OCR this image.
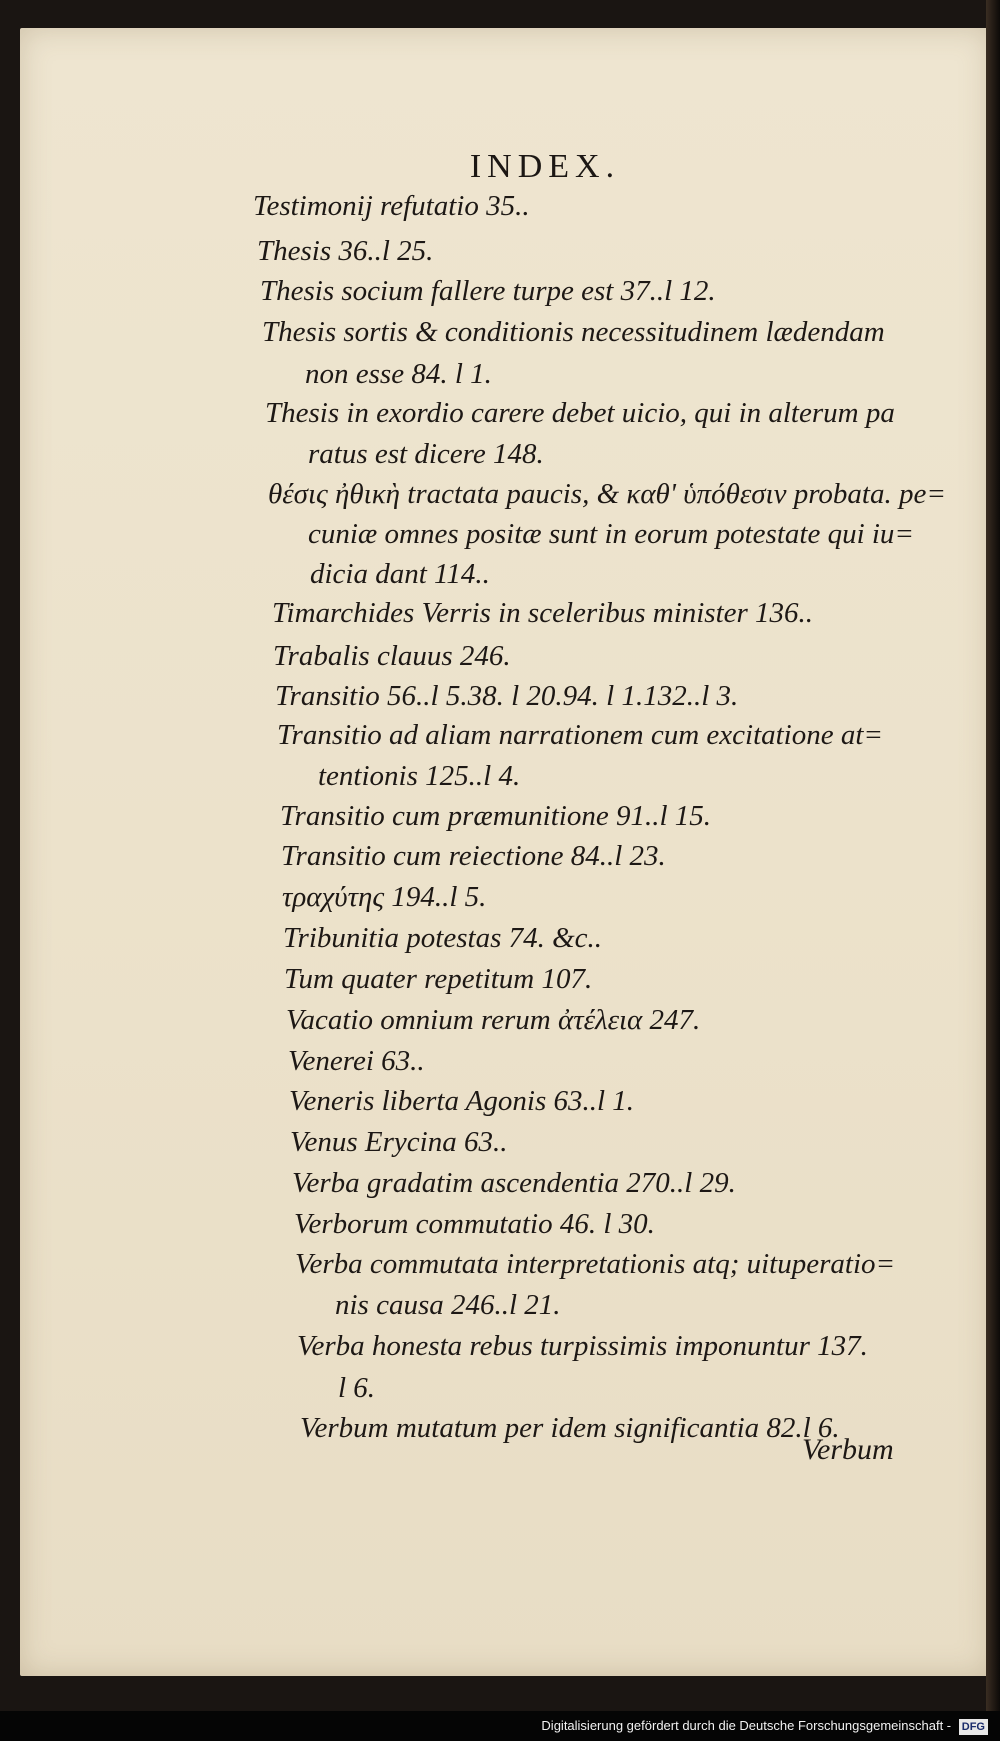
INDEX.
Testimonij refutatio 35..
Thesis 36..l 25.
Thesis socium fallere turpe est 37..l 12.
Thesis sortis & conditionis necessitudinem lædendam
non esse 84. l 1.
Thesis in exordio carere debet uicio, qui in alterum pa
ratus est dicere 148.
θέσις ἠθικὴ tractata paucis, & καθ' ὑπόθεσιν probata. pe=
cuniæ omnes positæ sunt in eorum potestate qui iu=
dicia dant 114..
Timarchides Verris in sceleribus minister 136..
Trabalis clauus 246.
Transitio 56..l 5.38. l 20.94. l 1.132..l 3.
Transitio ad aliam narrationem cum excitatione at=
tentionis 125..l 4.
Transitio cum præmunitione 91..l 15.
Transitio cum reiectione 84..l 23.
τραχύτης 194..l 5.
Tribunitia potestas 74. &c..
Tum quater repetitum 107.
Vacatio omnium rerum ἀτέλεια 247.
Venerei 63..
Veneris liberta Agonis 63..l 1.
Venus Erycina 63..
Verba gradatim ascendentia 270..l 29.
Verborum commutatio 46. l 30.
Verba commutata interpretationis atq; uituperatio=
nis causa 246..l 21.
Verba honesta rebus turpissimis imponuntur 137.
l 6.
Verbum mutatum per idem significantia 82.l 6.
Verbum
Digitalisierung gefördert durch die Deutsche Forschungsgemeinschaft - DFG
